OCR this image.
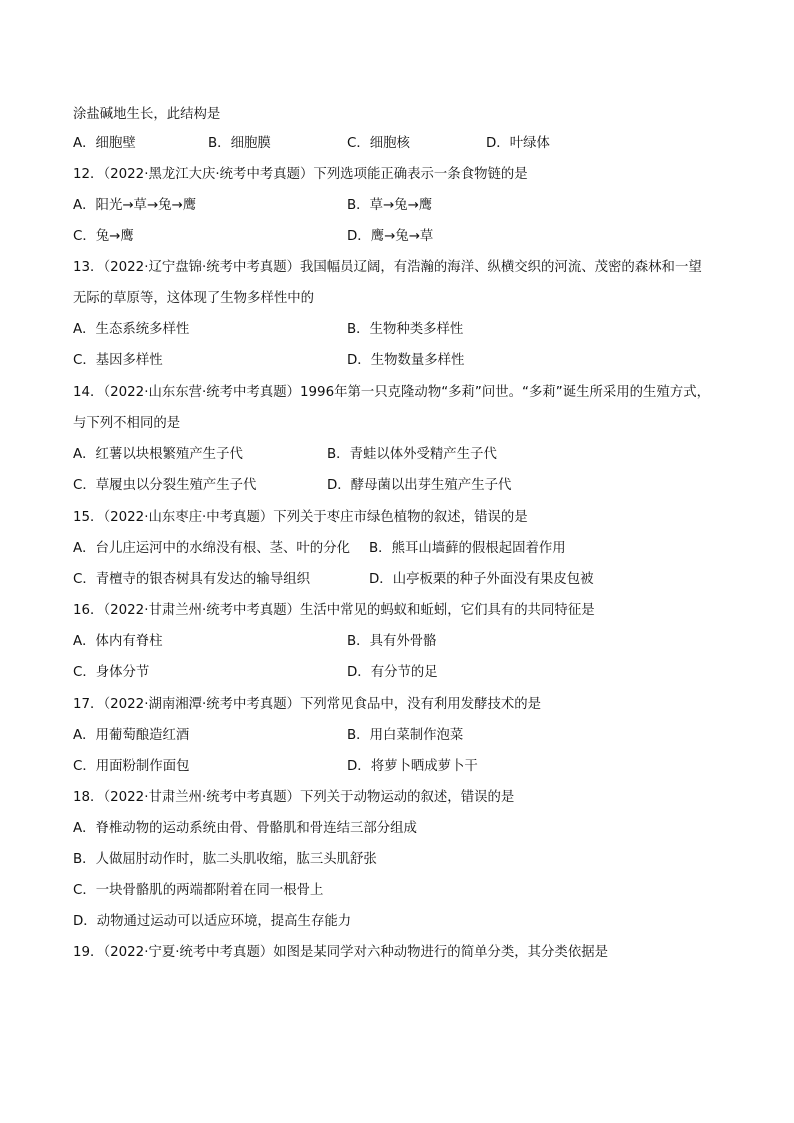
涂盐碱地生长，此结构是
A．细胞壁	B．细胞膜	C．细胞核	D．叶绿体
12．（2022·黑龙江大庆·统考中考真题）下列选项能正确表示一条食物链的是
A．阳光→草→兔→鹰	B．草→兔→鹰
C．兔→鹰	D．鹰→兔→草
13．（2022·辽宁盘锦·统考中考真题）我国幅员辽阔，有浩瀚的海洋、纵横交织的河流、茂密的森林和一望
无际的草原等，这体现了生物多样性中的
A．生态系统多样性	B．生物种类多样性
C．基因多样性	D．生物数量多样性
14．（2022·山东东营·统考中考真题）1996年第一只克隆动物“多莉”问世。“多莉”诞生所采用的生殖方式，
与下列不相同的是
A．红薯以块根繁殖产生子代	B．青蛙以体外受精产生子代
C．草履虫以分裂生殖产生子代	D．酵母菌以出芽生殖产生子代
15．（2022·山东枣庄·中考真题）下列关于枣庄市绿色植物的叙述，错误的是
A．台儿庄运河中的水绵没有根、茎、叶的分化 B．熊耳山墙藓的假根起固着作用
C．青檀寺的银杏树具有发达的输导组织	D．山亭板栗的种子外面没有果皮包被
16．（2022·甘肃兰州·统考中考真题）生活中常见的蚂蚁和蚯蚓，它们具有的共同特征是
A．体内有脊柱	B．具有外骨骼
C．身体分节	D．有分节的足
17．（2022·湖南湘潭·统考中考真题）下列常见食品中，没有利用发酵技术的是
A．用葡萄酿造红酒	B．用白菜制作泡菜
C．用面粉制作面包	D．将萝卜晒成萝卜干
18．（2022·甘肃兰州·统考中考真题）下列关于动物运动的叙述，错误的是
A．脊椎动物的运动系统由骨、骨骼肌和骨连结三部分组成
B．人做屈肘动作时，肱二头肌收缩，肱三头肌舒张
C．一块骨骼肌的两端都附着在同一根骨上
D．动物通过运动可以适应环境，提高生存能力
19．（2022·宁夏·统考中考真题）如图是某同学对六种动物进行的简单分类，其分类依据是
